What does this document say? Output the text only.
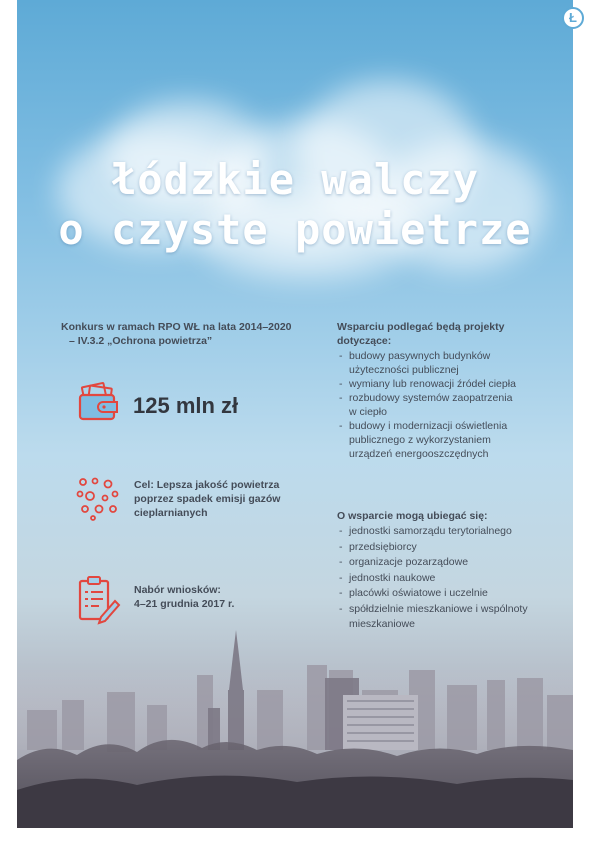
łódzkie walczy
o czyste powietrze
Konkurs w ramach RPO WŁ na lata 2014–2020
– IV.3.2 „Ochrona powietrza”
125 mln zł
Cel: Lepsza jakość powietrza
poprzez spadek emisji gazów
cieplarnianych
Nabór wniosków:
4–21 grudnia 2017 r.
Wsparciu podlegać będą projekty
dotyczące:
- budowy pasywnych budynków
użyteczności publicznej
- wymiany lub renowacji źródeł ciepła
- rozbudowy systemów zaopatrzenia
w ciepło
- budowy i modernizacji oświetlenia
publicznego z wykorzystaniem
urządzeń energooszczędnych
O wsparcie mogą ubiegać się:
- jednostki samorządu terytorialnego
- przedsiębiorcy
- organizacje pozarządowe
- jednostki naukowe
- placówki oświatowe i uczelnie
- spółdzielnie mieszkaniowe i wspólnoty
mieszkaniowe
Ł
